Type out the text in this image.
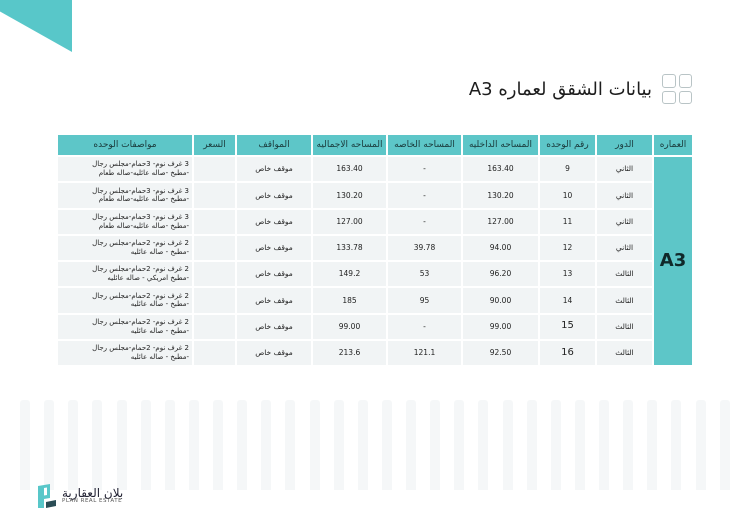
بيانات الشقق لعماره A3
العماره	الدور	رقم الوحده	المساحه الداخليه	المساحه الخاصه	المساحه الاجماليه	المواقف	السعر	مواصفات الوحده
A3	الثاني	9	163.40	-	163.40	موقف خاص		3 غرف نوم- 3حمام-مجلس رجال
-مطبخ -صاله عائليه-صاله طعام

	الثاني	10	130.20	-	130.20	موقف خاص		3 غرف نوم- 3حمام-مجلس رجال
-مطبخ -صاله عائليه-صاله طعام

	الثاني	11	127.00	-	127.00	موقف خاص		3 غرف نوم- 3حمام-مجلس رجال
-مطبخ -صاله عائليه-صاله طعام

	الثاني	12	94.00	39.78	133.78	موقف خاص		2 غرف نوم- 2حمام-مجلس رجال
-مطبخ - صاله عائليه

	الثالث	13	96.20	53	149.2	موقف خاص		2 غرف نوم- 2حمام-مجلس رجال
-مطبخ امريكي - صاله عائليه

	الثالث	14	90.00	95	185	موقف خاص		2 غرف نوم- 2حمام-مجلس رجال
-مطبخ - صاله عائليه

	الثالث	15	99.00	-	99.00	موقف خاص		2 غرف نوم- 2حمام-مجلس رجال
-مطبخ - صاله عائليه

	الثالث	16	92.50	121.1	213.6	موقف خاص		2 غرف نوم- 2حمام-مجلس رجال
-مطبخ - صاله عائليه
بلان العقارية
PLAN REAL ESTATE
